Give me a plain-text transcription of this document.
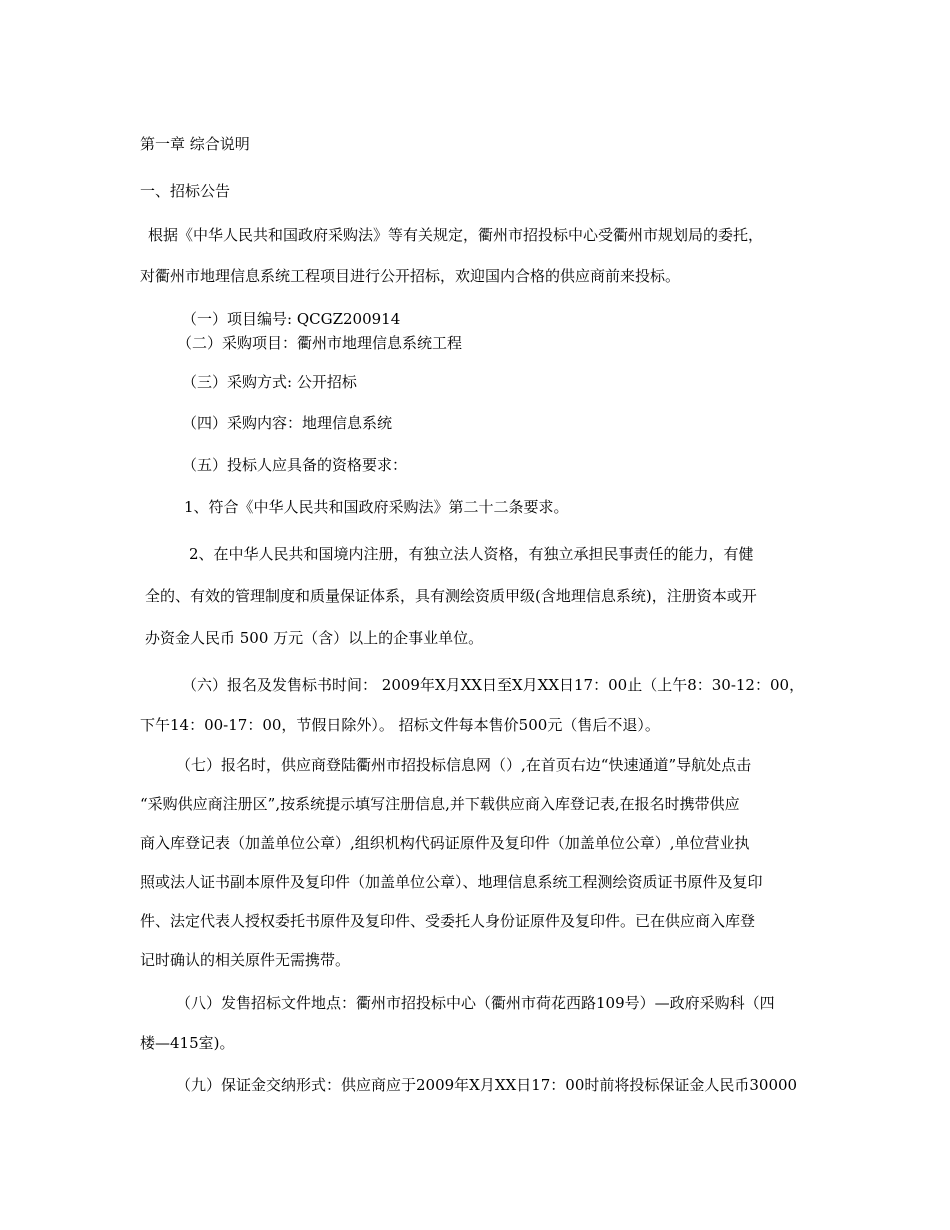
第一章 综合说明
一、招标公告
根据《中华人民共和国政府采购法》等有关规定，衢州市招投标中心受衢州市规划局的委托，
对衢州市地理信息系统工程项目进行公开招标，欢迎国内合格的供应商前来投标。
（一）项目编号: QCGZ200914
（二）采购项目：衢州市地理信息系统工程
（三）采购方式: 公开招标
（四）采购内容：地理信息系统
（五）投标人应具备的资格要求：
1、符合《中华人民共和国政府采购法》第二十二条要求。
2、在中华人民共和国境内注册，有独立法人资格，有独立承担民事责任的能力，有健
全的、有效的管理制度和质量保证体系，具有测绘资质甲级(含地理信息系统)，注册资本或开
办资金人民币 500 万元（含）以上的企事业单位。
（六）报名及发售标书时间： 2009年X月XX日至X月XX日17：00止（上午8：30-12：00，
下午14：00-17：00，节假日除外）。 招标文件每本售价500元（售后不退）。
（七）报名时，供应商登陆衢州市招投标信息网（）,在首页右边“快速通道”导航处点击
“采购供应商注册区”,按系统提示填写注册信息,并下载供应商入库登记表,在报名时携带供应
商入库登记表（加盖单位公章）,组织机构代码证原件及复印件（加盖单位公章）,单位营业执
照或法人证书副本原件及复印件（加盖单位公章）、地理信息系统工程测绘资质证书原件及复印
件、法定代表人授权委托书原件及复印件、受委托人身份证原件及复印件。已在供应商入库登
记时确认的相关原件无需携带。
（八）发售招标文件地点：衢州市招投标中心（衢州市荷花西路109号）—政府采购科（四
楼—415室)。
（九）保证金交纳形式：供应商应于2009年X月XX日17：00时前将投标保证金人民币30000
